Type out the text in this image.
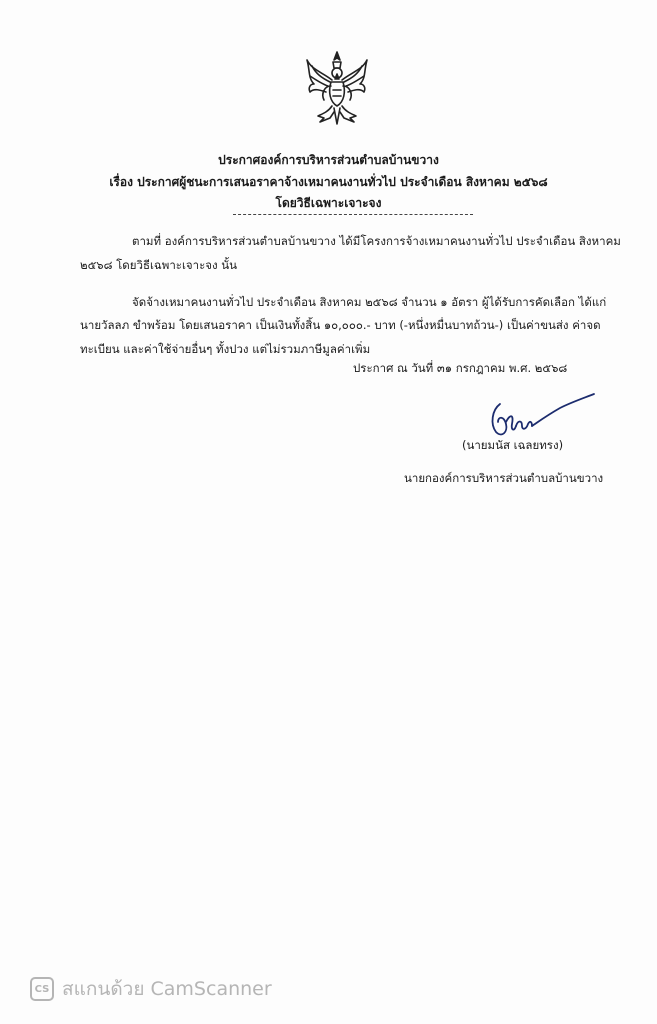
ประกาศองค์การบริหารส่วนตำบลบ้านขวาง
เรื่อง ประกาศผู้ชนะการเสนอราคาจ้างเหมาคนงานทั่วไป ประจำเดือน สิงหาคม ๒๕๖๘
โดยวิธีเฉพาะเจาะจง
ตามที่ องค์การบริหารส่วนตำบลบ้านขวาง ได้มีโครงการจ้างเหมาคนงานทั่วไป ประจำเดือน สิงหาคม
๒๕๖๘ โดยวิธีเฉพาะเจาะจง นั้น
จัดจ้างเหมาคนงานทั่วไป ประจำเดือน สิงหาคม ๒๕๖๘ จำนวน ๑ อัตรา ผู้ได้รับการคัดเลือก ได้แก่
นายวัลลภ ขำพร้อม โดยเสนอราคา เป็นเงินทั้งสิ้น ๑๐,๐๐๐.- บาท (-หนึ่งหมื่นบาทถ้วน-) เป็นค่าขนส่ง ค่าจด
ทะเบียน และค่าใช้จ่ายอื่นๆ ทั้งปวง แต่ไม่รวมภาษีมูลค่าเพิ่ม
ประกาศ ณ วันที่ ๓๑ กรกฎาคม พ.ศ. ๒๕๖๘
(นายมนัส เฉลยทรง)
นายกองค์การบริหารส่วนตำบลบ้านขวาง
CS สแกนด้วย CamScanner
